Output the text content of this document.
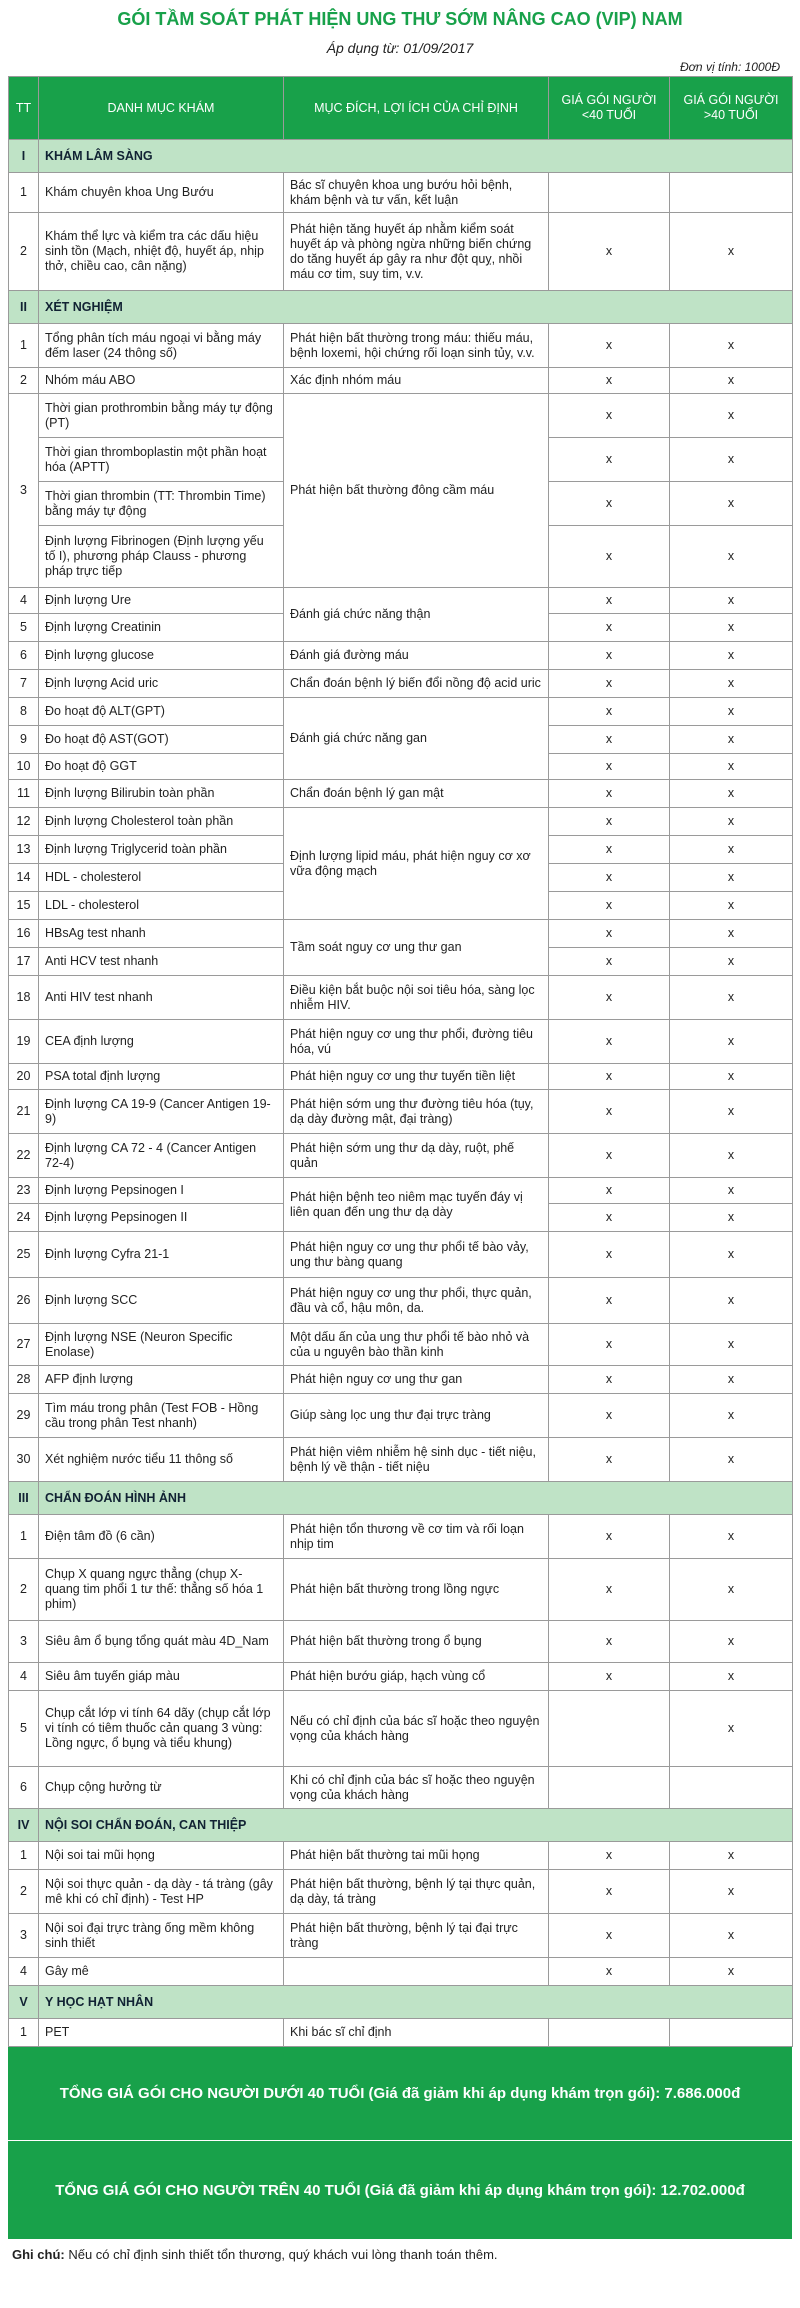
GÓI TẦM SOÁT PHÁT HIỆN UNG THƯ SỚM NÂNG CAO (VIP) NAM
Áp dụng từ: 01/09/2017
Đơn vị tính: 1000Đ
TT	DANH MỤC KHÁM	MỤC ĐÍCH, LỢI ÍCH CỦA CHỈ ĐỊNH	GIÁ GÓI NGƯỜI <40 TUỔI	GIÁ GÓI NGƯỜI >40 TUỔI
I	KHÁM LÂM SÀNG			
1	Khám chuyên khoa Ung Bướu	Bác sĩ chuyên khoa ung bướu hỏi bệnh, khám bệnh và tư vấn, kết luận		
2	Khám thể lực và kiểm tra các dấu hiệu sinh tồn (Mạch, nhiệt độ, huyết áp, nhịp thở, chiều cao, cân nặng)	Phát hiện tăng huyết áp nhằm kiểm soát huyết áp và phòng ngừa những biến chứng do tăng huyết áp gây ra như đột quỵ, nhồi máu cơ tim, suy tim, v.v.	x	x
II	XÉT NGHIỆM			
1	Tổng phân tích máu ngoại vi bằng máy đếm laser (24 thông số)	Phát hiện bất thường trong máu: thiếu máu, bệnh loxemi, hội chứng rối loạn sinh tủy, v.v.	x	x
2	Nhóm máu ABO	Xác định nhóm máu	x	x
3	Thời gian prothrombin bằng máy tự động (PT)	Phát hiện bất thường đông cầm máu	x	x
	Thời gian thromboplastin một phần hoạt hóa (APTT)		x	x
	Thời gian thrombin (TT: Thrombin Time) bằng máy tự động		x	x
	Định lượng Fibrinogen (Định lượng yếu tố I), phương pháp Clauss - phương pháp trực tiếp		x	x
4	Định lượng Ure	Đánh giá chức năng thận	x	x
5	Định lượng Creatinin		x	x
6	Định lượng glucose	Đánh giá đường máu	x	x
7	Định lượng Acid uric	Chẩn đoán bệnh lý biến đổi nồng độ acid uric	x	x
8	Đo hoạt độ ALT(GPT)	Đánh giá chức năng gan	x	x
9	Đo hoạt độ AST(GOT)		x	x
10	Đo hoạt độ GGT		x	x
11	Định lượng Bilirubin toàn phần	Chẩn đoán bệnh lý gan mật	x	x
12	Định lượng Cholesterol toàn phần	Định lượng lipid máu, phát hiện nguy cơ xơ vữa động mạch	x	x
13	Định lượng Triglycerid toàn phần		x	x
14	HDL - cholesterol		x	x
15	LDL - cholesterol		x	x
16	HBsAg test nhanh	Tầm soát nguy cơ ung thư gan	x	x
17	Anti HCV test nhanh		x	x
18	Anti HIV test nhanh	Điều kiện bắt buộc nội soi tiêu hóa, sàng lọc nhiễm HIV.	x	x
19	CEA định lượng	Phát hiện nguy cơ ung thư phổi, đường tiêu hóa, vú	x	x
20	PSA total định lượng	Phát hiện nguy cơ ung thư tuyến tiền liệt	x	x
21	Định lượng CA 19-9 (Cancer Antigen 19-9)	Phát hiện sớm ung thư đường tiêu hóa (tụy, dạ dày đường mật, đại tràng)	x	x
22	Định lượng CA 72 - 4 (Cancer Antigen 72-4)	Phát hiện sớm ung thư dạ dày, ruột, phế quản	x	x
23	Định lượng Pepsinogen I	Phát hiện bệnh teo niêm mạc tuyến đáy vị liên quan đến ung thư dạ dày	x	x
24	Định lượng Pepsinogen II		x	x
25	Định lượng Cyfra 21-1	Phát hiện nguy cơ ung thư phổi tế bào vảy, ung thư bàng quang	x	x
26	Định lượng SCC	Phát hiện nguy cơ ung thư phổi, thực quản, đầu và cổ, hậu môn, da.	x	x
27	Định lượng NSE (Neuron Specific Enolase)	Một dấu ấn của ung thư phổi tế bào nhỏ và của u nguyên bào thần kinh	x	x
28	AFP định lượng	Phát hiện nguy cơ ung thư gan	x	x
29	Tìm máu trong phân (Test FOB - Hồng cầu trong phân Test nhanh)	Giúp sàng lọc ung thư đại trực tràng	x	x
30	Xét nghiệm nước tiểu 11 thông số	Phát hiện viêm nhiễm hệ sinh dục - tiết niệu, bệnh lý về thận - tiết niệu	x	x
III	CHẨN ĐOÁN HÌNH ẢNH			
1	Điện tâm đồ (6 cần)	Phát hiện tổn thương về cơ tim và rối loạn nhịp tim	x	x
2	Chụp X quang ngực thẳng (chụp X-quang tim phổi 1 tư thế: thẳng số hóa 1 phim)	Phát hiện bất thường trong lồng ngực	x	x
3	Siêu âm ổ bụng tổng quát màu 4D_Nam	Phát hiện bất thường trong ổ bụng	x	x
4	Siêu âm tuyến giáp màu	Phát hiện bướu giáp, hạch vùng cổ	x	x
5	Chụp cắt lớp vi tính 64 dãy (chụp cắt lớp vi tính có tiêm thuốc cản quang 3 vùng: Lồng ngực, ổ bụng và tiểu khung)	Nếu có chỉ định của bác sĩ hoặc theo nguyện vọng của khách hàng		x
6	Chụp cộng hưởng từ	Khi có chỉ định của bác sĩ hoặc theo nguyện vọng của khách hàng		
IV	NỘI SOI CHẨN ĐOÁN, CAN THIỆP			
1	Nội soi tai mũi họng	Phát hiện bất thường tai mũi họng	x	x
2	Nội soi thực quản - dạ dày - tá tràng (gây mê khi có chỉ định) - Test HP	Phát hiện bất thường, bệnh lý tại thực quản, dạ dày, tá tràng	x	x
3	Nội soi đại trực tràng ống mềm không sinh thiết	Phát hiện bất thường, bệnh lý tại đại trực tràng	x	x
4	Gây mê		x	x
V	Y HỌC HẠT NHÂN			
1	PET	Khi bác sĩ chỉ định		
TỔNG GIÁ GÓI CHO NGƯỜI DƯỚI 40 TUỔI (Giá đã giảm khi áp dụng khám trọn gói): 7.686.000đ
TỔNG GIÁ GÓI CHO NGƯỜI TRÊN 40 TUỔI (Giá đã giảm khi áp dụng khám trọn gói): 12.702.000đ
Ghi chú: Nếu có chỉ định sinh thiết tổn thương, quý khách vui lòng thanh toán thêm.
